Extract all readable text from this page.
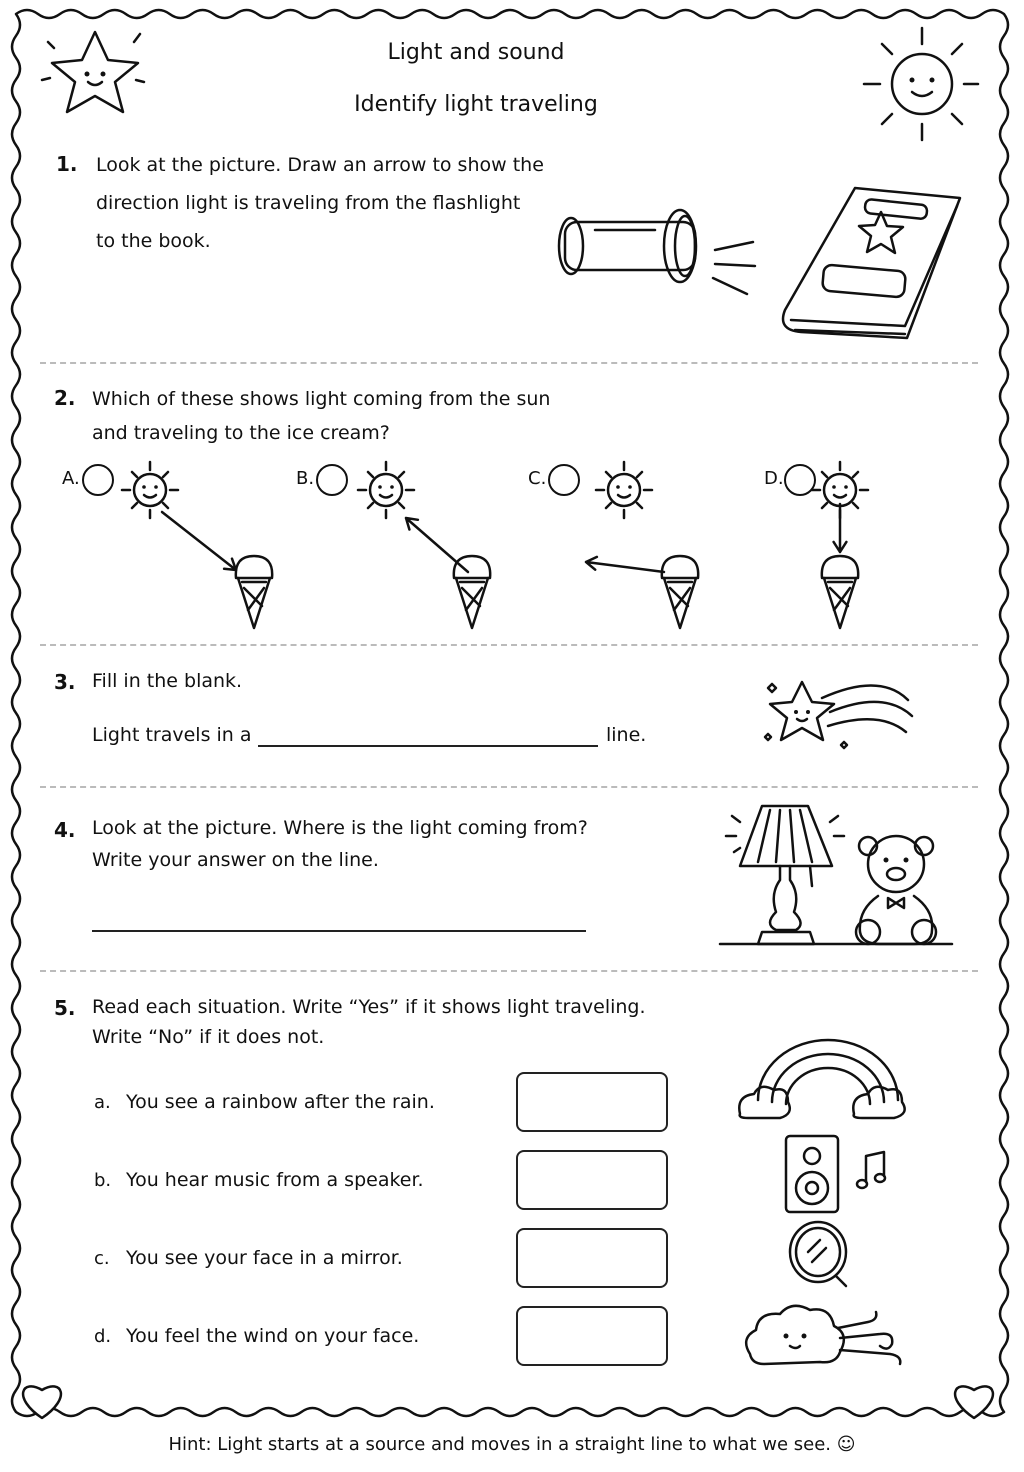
Light and sound
Identify light traveling
1. Look at the picture. Draw an arrow to show the
direction light is traveling from the flashlight
to the book.
2. Which of these shows light coming from the sun
and traveling to the ice cream?
A.	B.	C.	D.
3. Fill in the blank.
Light travels in a	line.
4. Look at the picture. Where is the light coming from?
Write your answer on the line.
5. Read each situation. Write “Yes” if it shows light traveling.
Write “No” if it does not.
a. You see a rainbow after the rain.
b. You hear music from a speaker.
c. You see your face in a mirror.
d. You feel the wind on your face.
Hint: Light starts at a source and moves in a straight line to what we see. ☺
